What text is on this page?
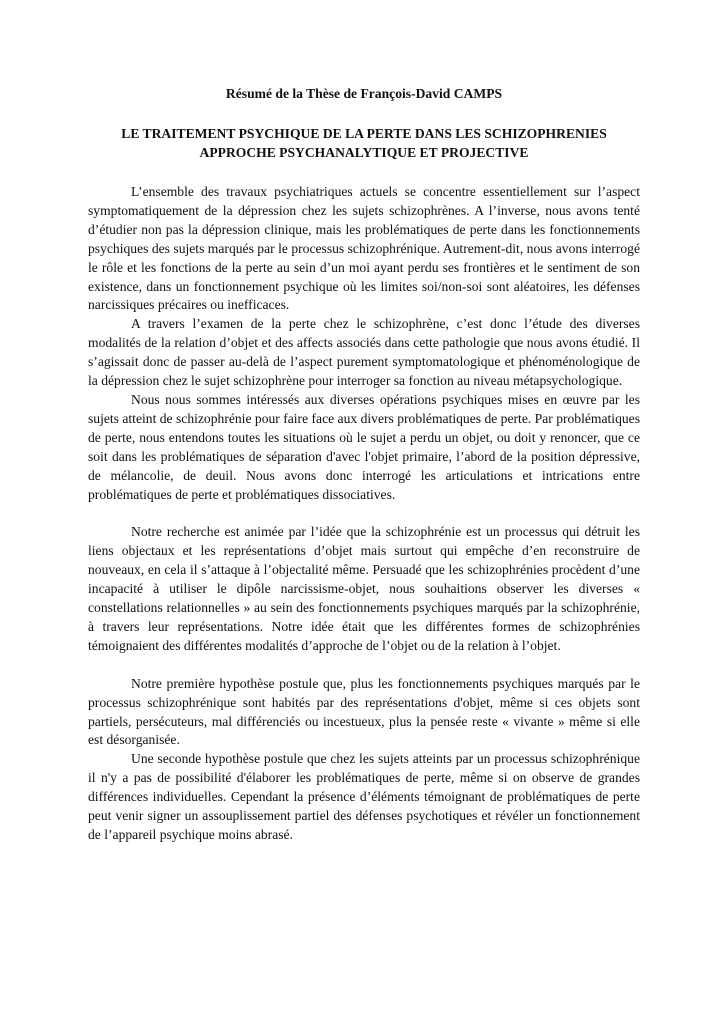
Résumé de la Thèse de François-David CAMPS
LE TRAITEMENT PSYCHIQUE DE LA PERTE DANS LES SCHIZOPHRENIES
APPROCHE PSYCHANALYTIQUE ET PROJECTIVE

L’ensemble des travaux psychiatriques actuels se concentre essentiellement sur l’aspect symptomatiquement de la dépression chez les sujets schizophrènes. A l’inverse, nous avons tenté d’étudier non pas la dépression clinique, mais les problématiques de perte dans les fonctionnements psychiques des sujets marqués par le processus schizophrénique. Autrement-dit, nous avons interrogé le rôle et les fonctions de la perte au sein d’un moi ayant perdu ses frontières et le sentiment de son existence, dans un fonctionnement psychique où les limites soi/non-soi sont aléatoires, les défenses narcissiques précaires ou inefficaces.

A travers l’examen de la perte chez le schizophrène, c’est donc l’étude des diverses modalités de la relation d’objet et des affects associés dans cette pathologie que nous avons étudié. Il s’agissait donc de passer au-delà de l’aspect purement symptomatologique et phénoménologique de la dépression chez le sujet schizophrène pour interroger sa fonction au niveau métapsychologique.

Nous nous sommes intéressés aux diverses opérations psychiques mises en œuvre par les sujets atteint de schizophrénie pour faire face aux divers problématiques de perte. Par problématiques de perte, nous entendons toutes les situations où le sujet a perdu un objet, ou doit y renoncer, que ce soit dans les problématiques de séparation d'avec l'objet primaire, l’abord de la position dépressive, de mélancolie, de deuil. Nous avons donc interrogé les articulations et intrications entre problématiques de perte et problématiques dissociatives.

Notre recherche est animée par l’idée que la schizophrénie est un processus qui détruit les liens objectaux et les représentations d’objet mais surtout qui empêche d’en reconstruire de nouveaux, en cela il s’attaque à l’objectalité même. Persuadé que les schizophrénies procèdent d’une incapacité à utiliser le dipôle narcissisme-objet, nous souhaitions observer les diverses « constellations relationnelles » au sein des fonctionnements psychiques marqués par la schizophrénie, à travers leur représentations. Notre idée était que les différentes formes de schizophrénies témoignaient des différentes modalités d’approche de l’objet ou de la relation à l’objet.

Notre première hypothèse postule que, plus les fonctionnements psychiques marqués par le processus schizophrénique sont habités par des représentations d'objet, même si ces objets sont partiels, persécuteurs, mal différenciés ou incestueux, plus la pensée reste « vivante » même si elle est désorganisée.

Une seconde hypothèse postule que chez les sujets atteints par un processus schizophrénique il n'y a pas de possibilité d'élaborer les problématiques de perte, même si on observe de grandes différences individuelles. Cependant la présence d’éléments témoignant de problématiques de perte peut venir signer un assouplissement partiel des défenses psychotiques et révéler un fonctionnement de l’appareil psychique moins abrasé.
